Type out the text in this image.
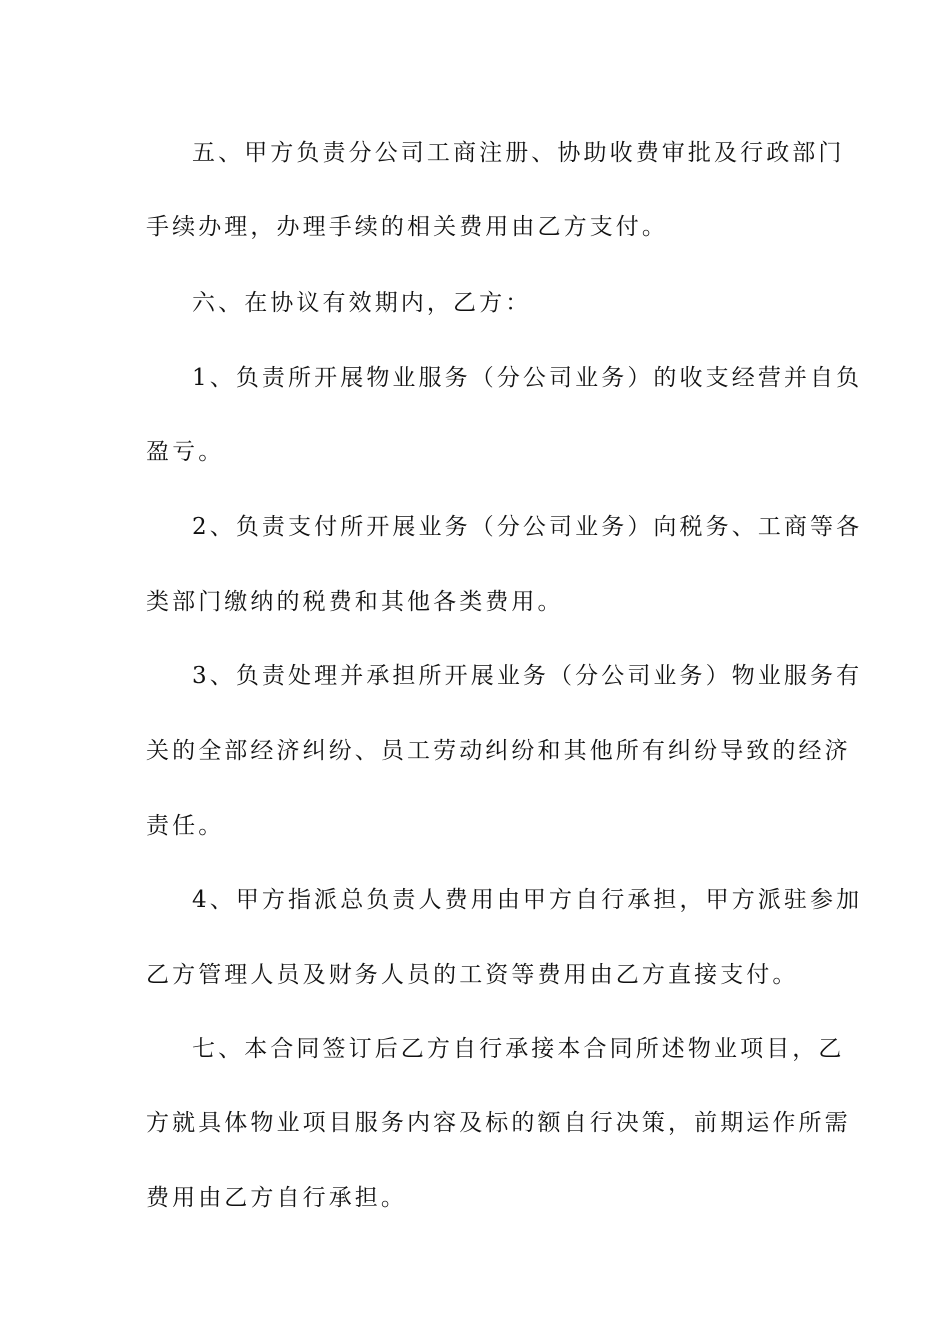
五、甲方负责分公司工商注册、协助收费审批及行政部门
手续办理，办理手续的相关费用由乙方支付。
六、在协议有效期内，乙方：
1、负责所开展物业服务（分公司业务）的收支经营并自负
盈亏。
2、负责支付所开展业务（分公司业务）向税务、工商等各
类部门缴纳的税费和其他各类费用。
3、负责处理并承担所开展业务（分公司业务）物业服务有
关的全部经济纠纷、员工劳动纠纷和其他所有纠纷导致的经济
责任。
4、甲方指派总负责人费用由甲方自行承担，甲方派驻参加
乙方管理人员及财务人员的工资等费用由乙方直接支付。
七、本合同签订后乙方自行承接本合同所述物业项目，乙
方就具体物业项目服务内容及标的额自行决策，前期运作所需
费用由乙方自行承担。
